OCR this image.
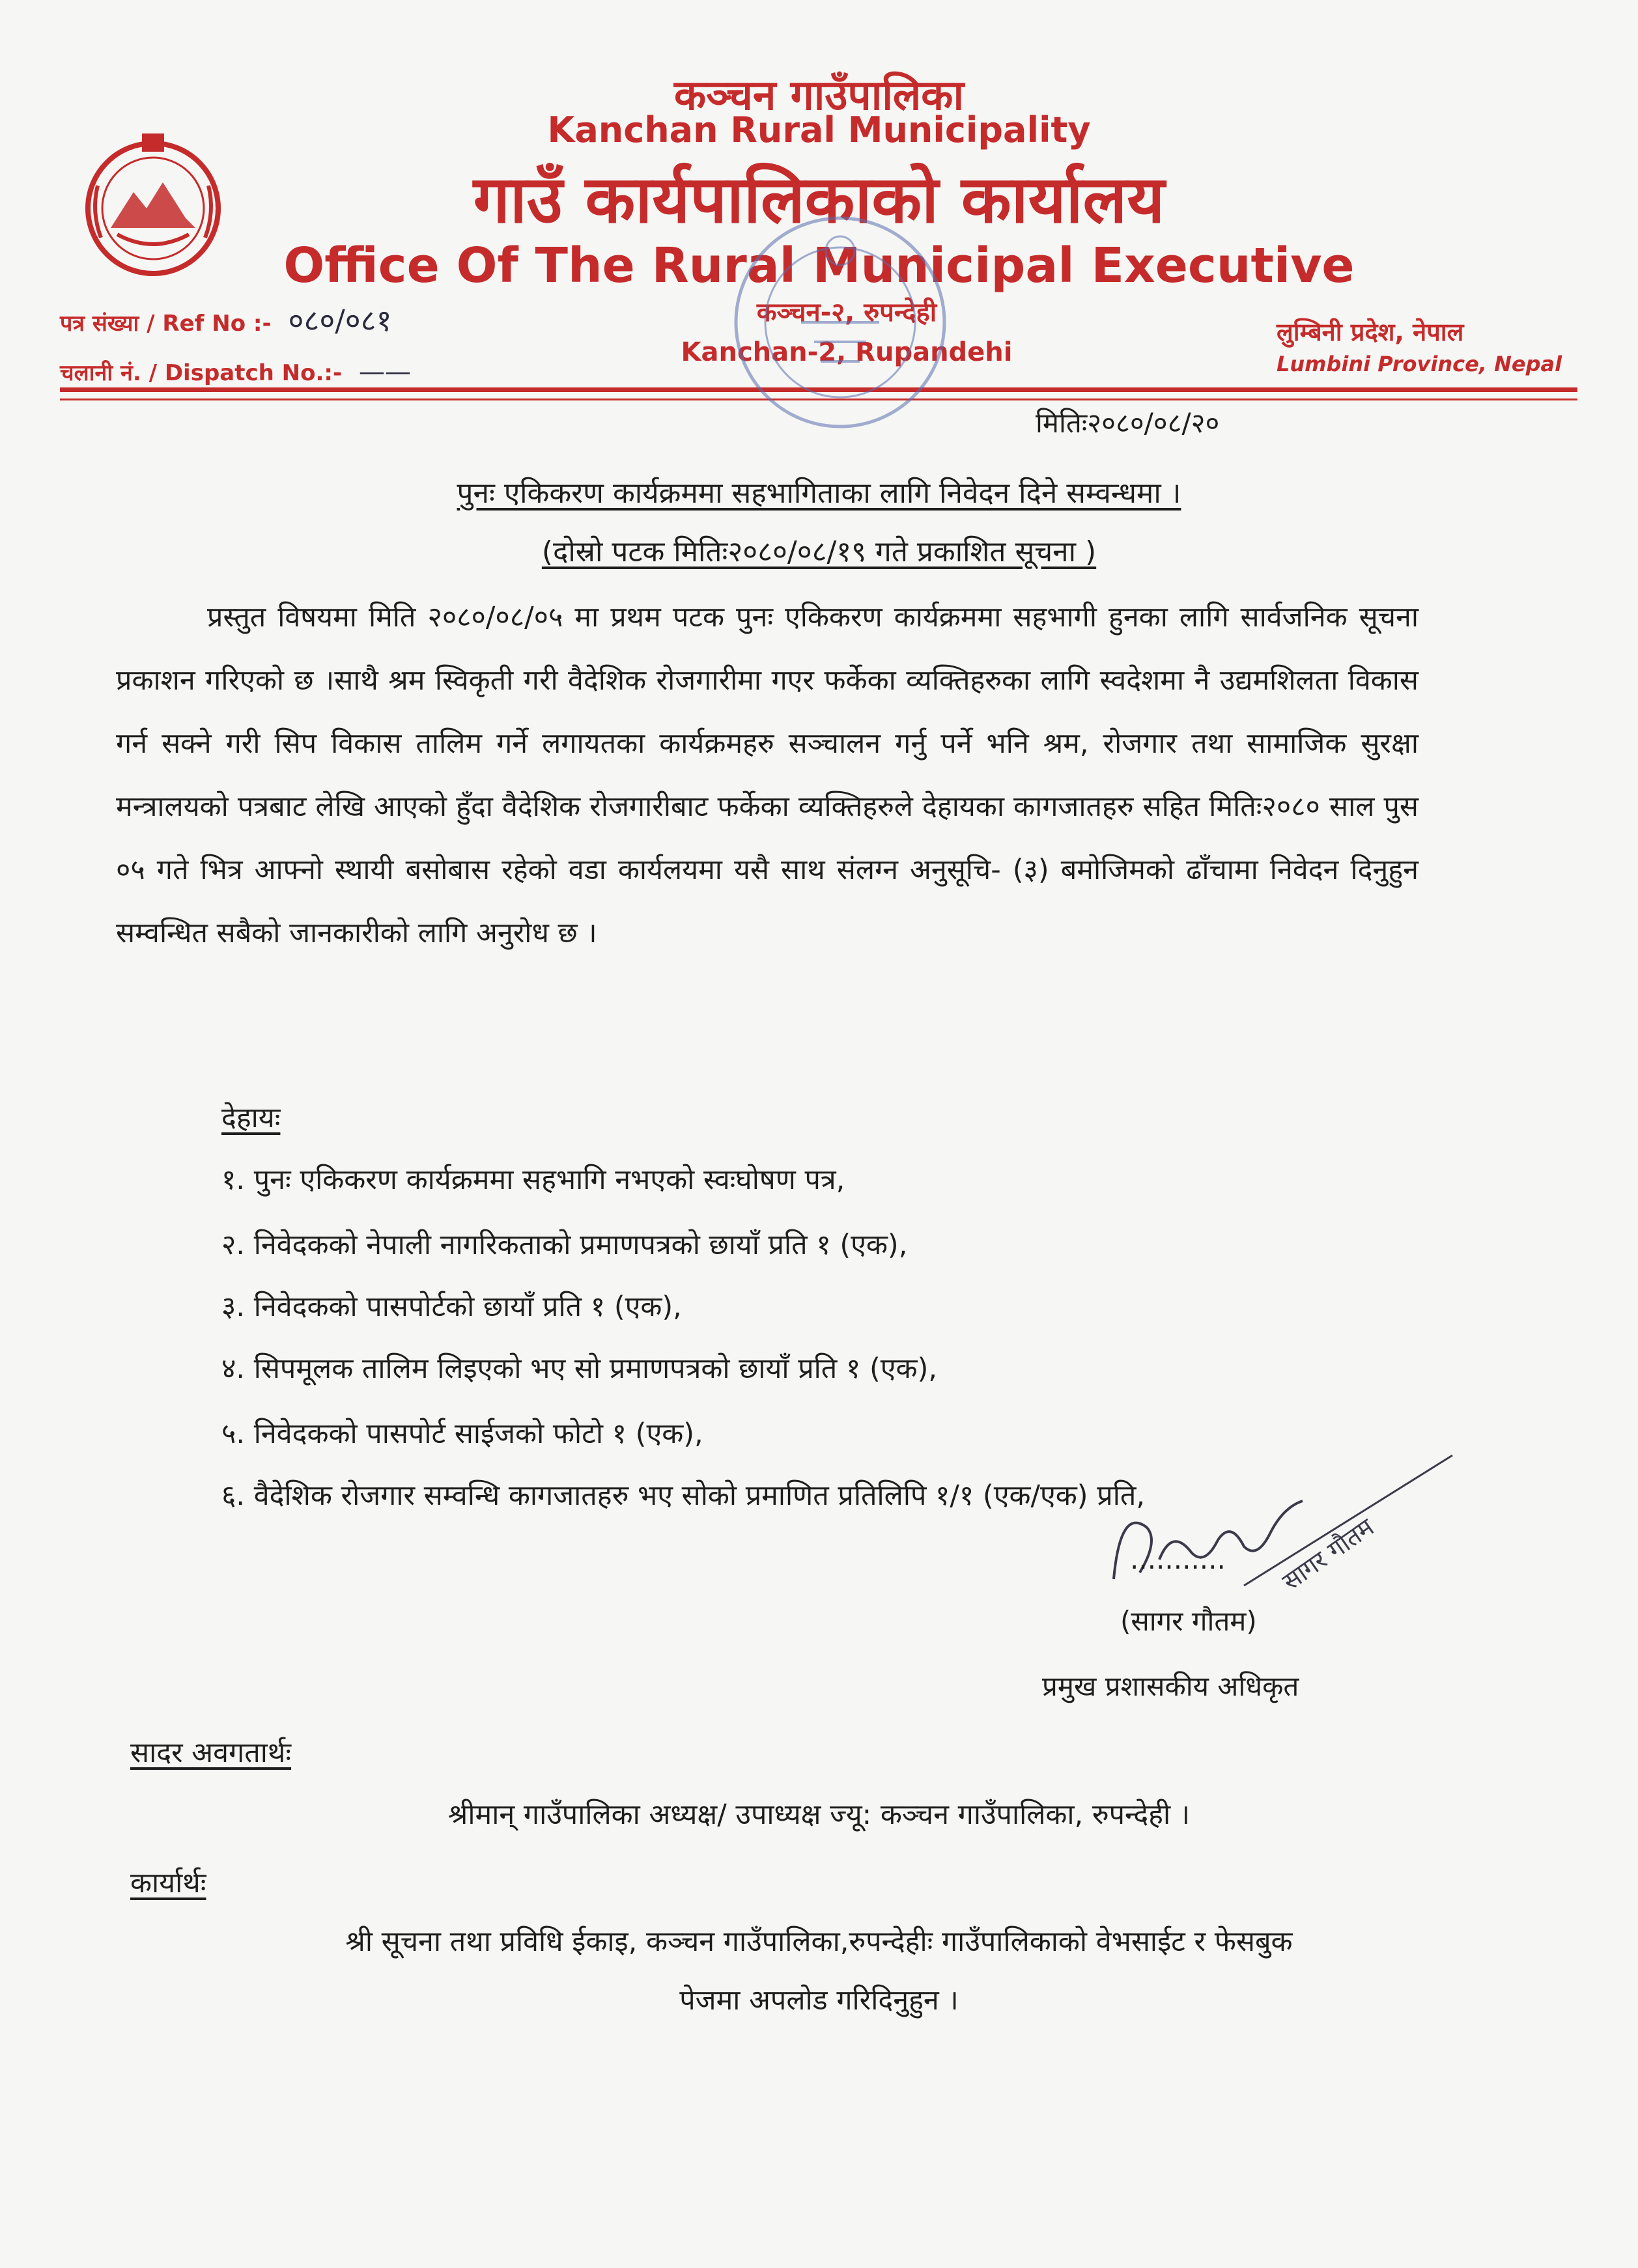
कञ्चन गाउँपालिका
Kanchan Rural Municipality
गाउँ कार्यपालिकाको कार्यालय
Office Of The Rural Municipal Executive
पत्र संख्या / Ref No :- ०८०/०८१
चलानी नं. / Dispatch No.:- ——
कञ्चन-२, रुपन्देही
Kanchan-2, Rupandehi
लुम्बिनी प्रदेश, नेपाल
Lumbini Province, Nepal
मितिः२०८०/०८/२०
पुनः एकिकरण कार्यक्रममा सहभागिताका लागि निवेदन दिने सम्वन्धमा ।
(दोस्रो पटक मितिः२०८०/०८/१९ गते प्रकाशित सूचना )

प्रस्तुत विषयमा मिति २०८०/०८/०५ मा प्रथम पटक पुनः एकिकरण कार्यक्रममा सहभागी हुनका लागि सार्वजनिक सूचना प्रकाशन गरिएको छ ।साथै श्रम स्विकृती गरी वैदेशिक रोजगारीमा गएर फर्केका व्यक्तिहरुका लागि स्वदेशमा नै उद्यमशिलता विकास गर्न सक्ने गरी सिप विकास तालिम गर्ने लगायतका कार्यक्रमहरु सञ्चालन गर्नु पर्ने भनि श्रम, रोजगार तथा सामाजिक सुरक्षा मन्त्रालयको पत्रबाट लेखि आएको हुँदा वैदेशिक रोजगारीबाट फर्केका व्यक्तिहरुले देहायका कागजातहरु सहित मितिः२०८० साल पुस ०५ गते भित्र आफ्नो स्थायी बसोबास रहेको वडा कार्यलयमा यसै साथ संलग्न अनुसूचि- (३) बमोजिमको ढाँचामा निवेदन दिनुहुन सम्वन्धित सबैको जानकारीको लागि अनुरोध छ ।

देहायः
१. पुनः एकिकरण कार्यक्रममा सहभागि नभएको स्वःघोषण पत्र,
२. निवेदकको नेपाली नागरिकताको प्रमाणपत्रको छायाँ प्रति १ (एक),
३. निवेदकको पासपोर्टको छायाँ प्रति १ (एक),
४. सिपमूलक तालिम लिइएको भए सो प्रमाणपत्रको छायाँ प्रति १ (एक),
५. निवेदकको पासपोर्ट साईजको फोटो १ (एक),
६. वैदेशिक रोजगार सम्वन्धि कागजातहरु भए सोको प्रमाणित प्रतिलिपि १/१ (एक/एक) प्रति,
सागर गौतम
...........
(सागर गौतम)
प्रमुख प्रशासकीय अधिकृत
सादर अवगतार्थः
श्रीमान् गाउँपालिका अध्यक्ष/ उपाध्यक्ष ज्यू: कञ्चन गाउँपालिका, रुपन्देही ।
कार्यार्थः
श्री सूचना तथा प्रविधि ईकाइ, कञ्चन गाउँपालिका,रुपन्देहीः गाउँपालिकाको वेभसाईट र फेसबुक
पेजमा अपलोड गरिदिनुहुन ।
